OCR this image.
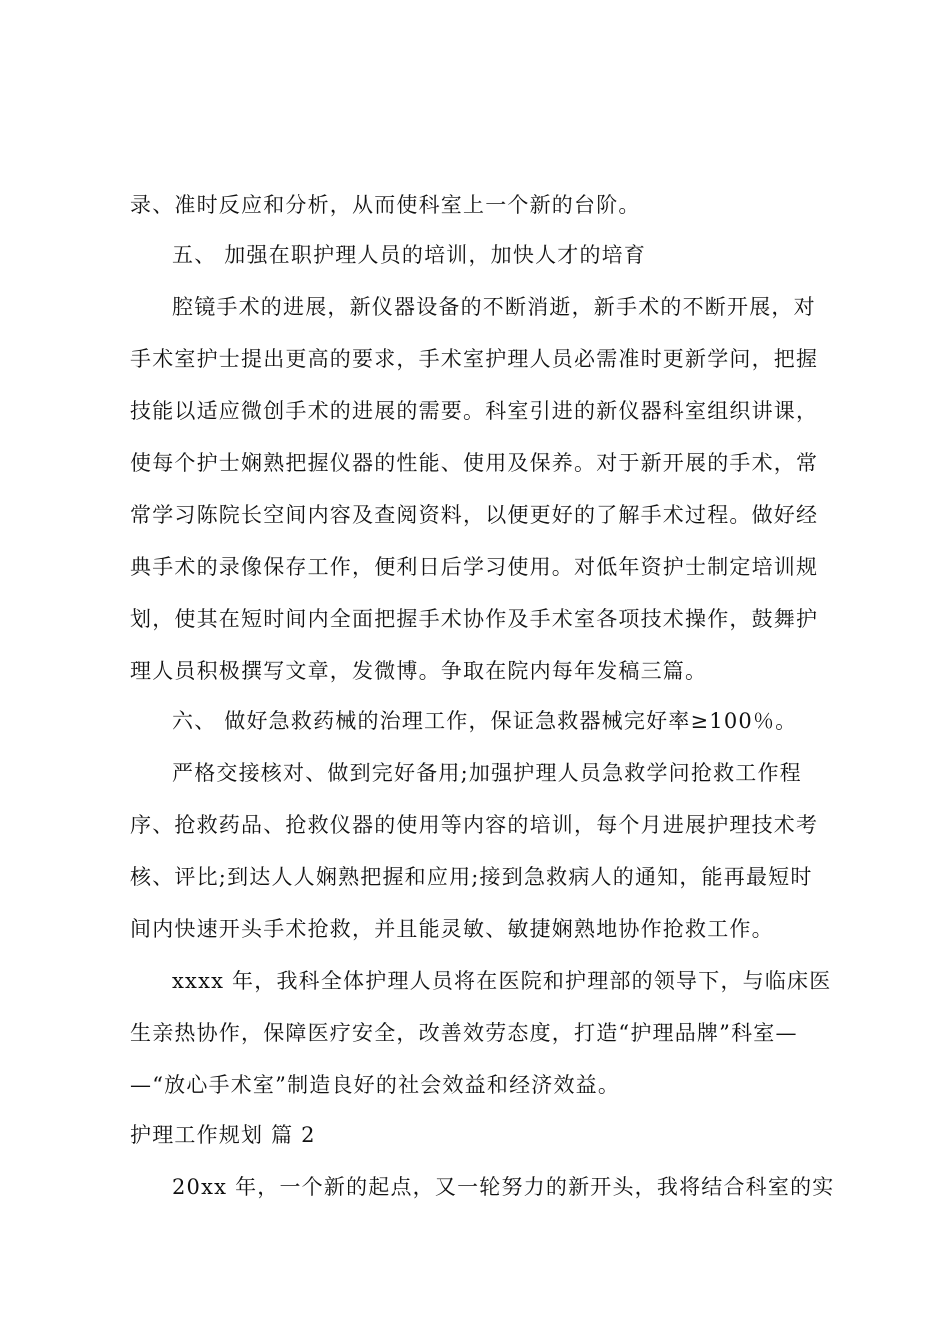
录、准时反应和分析，从而使科室上一个新的台阶。
五、 加强在职护理人员的培训，加快人才的培育
腔镜手术的进展，新仪器设备的不断消逝，新手术的不断开展，对
手术室护士提出更高的要求，手术室护理人员必需准时更新学问，把握
技能以适应微创手术的进展的需要。科室引进的新仪器科室组织讲课，
使每个护士娴熟把握仪器的性能、使用及保养。对于新开展的手术，常
常学习陈院长空间内容及查阅资料，以便更好的了解手术过程。做好经
典手术的录像保存工作，便利日后学习使用。对低年资护士制定培训规
划，使其在短时间内全面把握手术协作及手术室各项技术操作，鼓舞护
理人员积极撰写文章，发微博。争取在院内每年发稿三篇。
六、 做好急救药械的治理工作，保证急救器械完好率≥100％。
严格交接核对、做到完好备用;加强护理人员急救学问抢救工作程
序、抢救药品、抢救仪器的使用等内容的培训，每个月进展护理技术考
核、评比;到达人人娴熟把握和应用;接到急救病人的通知，能再最短时
间内快速开头手术抢救，并且能灵敏、敏捷娴熟地协作抢救工作。
xxxx 年，我科全体护理人员将在医院和护理部的领导下，与临床医
生亲热协作，保障医疗安全，改善效劳态度，打造“护理品牌”科室—
—“放心手术室”制造良好的社会效益和经济效益。
护理工作规划 篇 2
20xx 年，一个新的起点，又一轮努力的新开头，我将结合科室的实
